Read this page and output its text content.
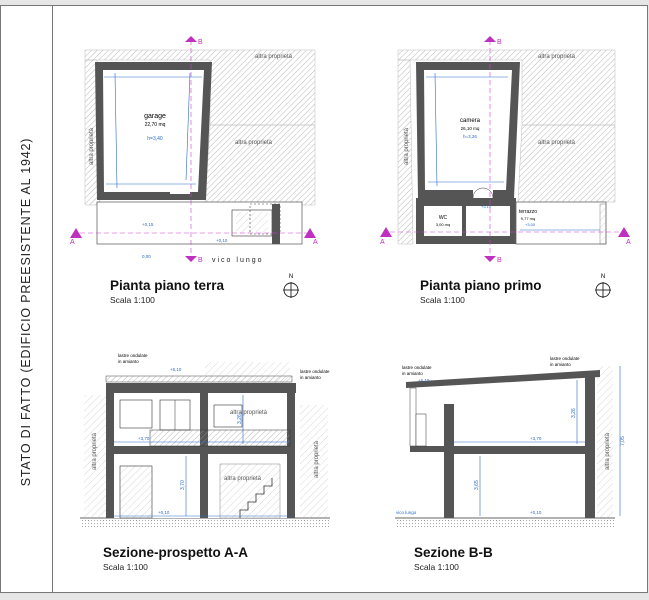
STATO DI FATTO (EDIFICIO PREESISTENTE AL 1942)
B
B
A	A
garage
22,70 mq
h=3,40
altra proprietà
altra proprietà
altra proprietà
vico lungo
+0,15
+0,10
0,00
B
B
A	A
camera
26,10 mq
h=3,26
WC
3,00 mq
terrazzo
9,77 mq
altra proprietà
altra proprietà
altra proprietà
+3,10
+3,00
lastre ondulate
in amianto
lastre ondulate
in amianto
altra proprietà
altra proprietà	altra proprietà
altra proprietà
3,26
3,70
+6,10
+3,70
+0,10
lastre ondulate
in amianto
lastre ondulate
in amianto
altra proprietà
3,26
3,65
7,05
+6,10
+3,70
+0,10
vico lungo
N	N
Pianta piano terra
Scala 1:100
Pianta piano primo
Scala 1:100
Sezione-prospetto A-A
Scala 1:100
Sezione B-B
Scala 1:100
